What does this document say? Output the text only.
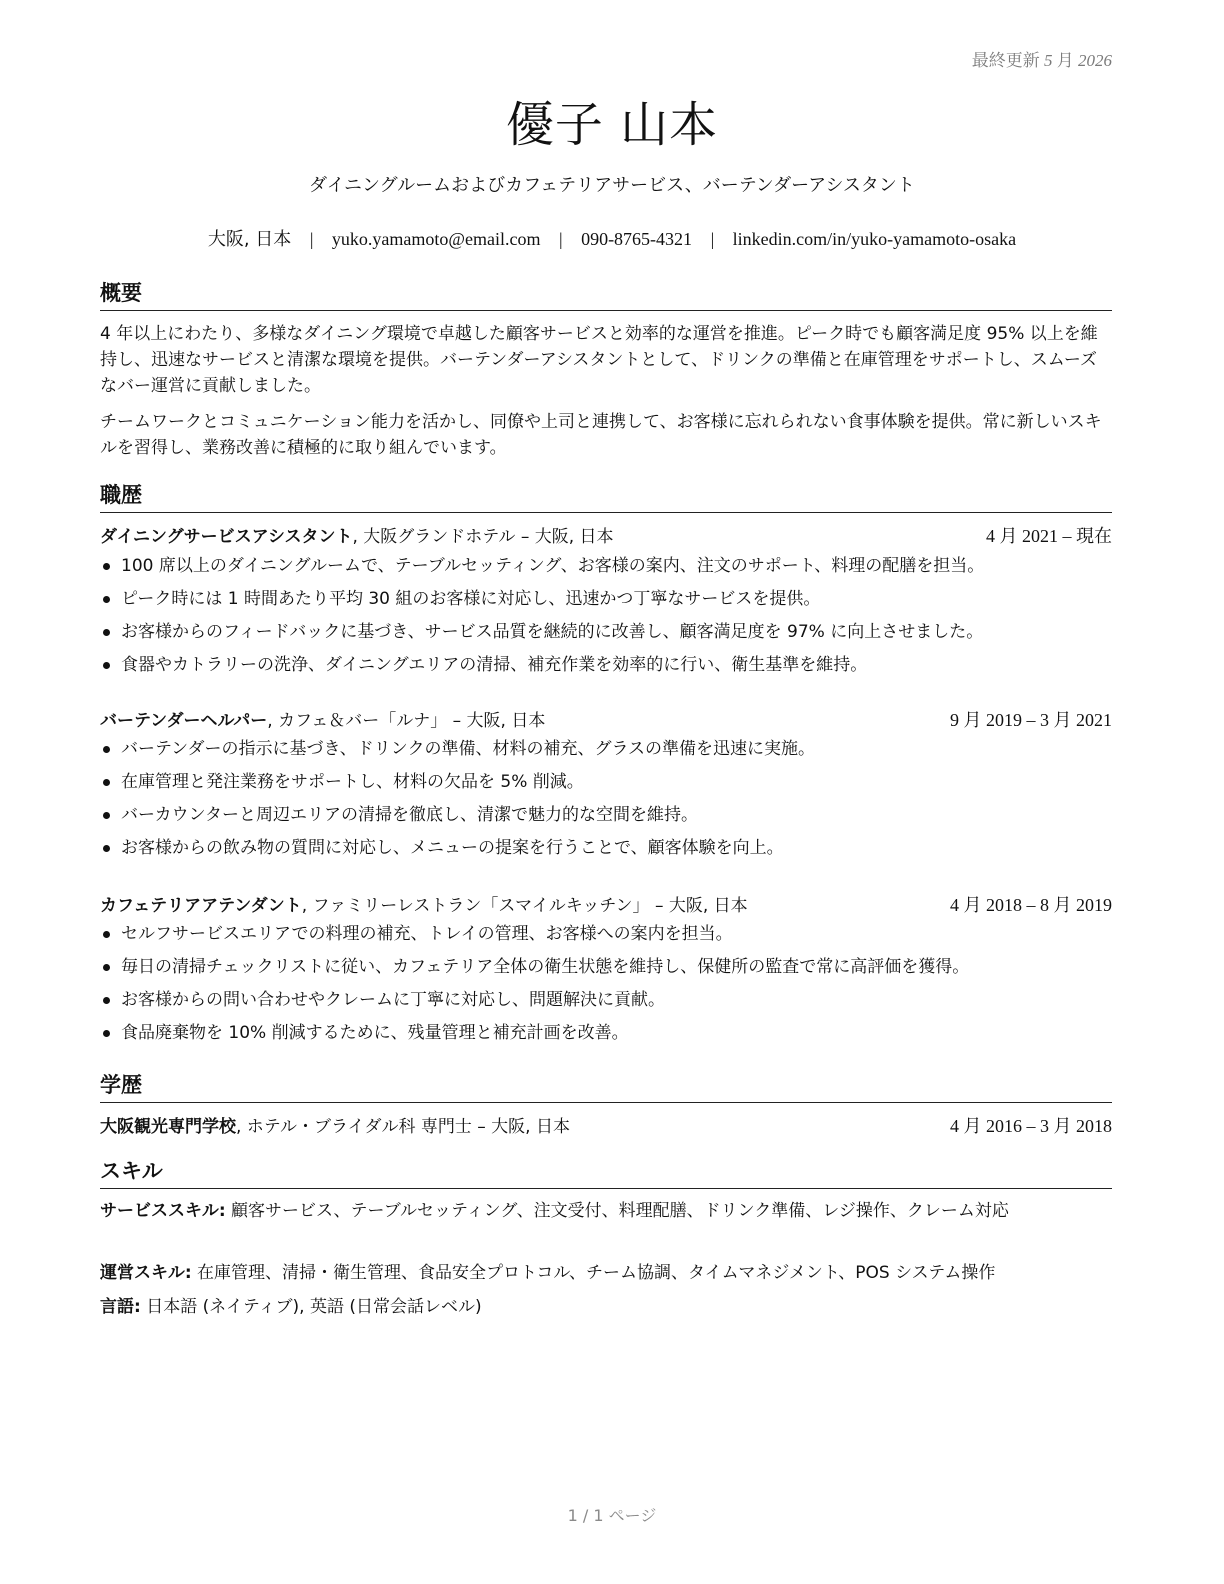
最終更新 5 月 2026
優子 山本
ダイニングルームおよびカフェテリアサービス、バーテンダーアシスタント
大阪, 日本 | yuko.yamamoto@email.com | 090-8765-4321 | linkedin.com/in/yuko-yamamoto-osaka
概要

4 年以上にわたり、多様なダイニング環境で卓越した顧客サービスと効率的な運営を推進。ピーク時でも顧客満足度 95% 以上を維持し、迅速なサービスと清潔な環境を提供。バーテンダーアシスタントとして、ドリンクの準備と在庫管理をサポートし、スムーズなバー運営に貢献しました。

チームワークとコミュニケーション能力を活かし、同僚や上司と連携して、お客様に忘れられない食事体験を提供。常に新しいスキルを習得し、業務改善に積極的に取り組んでいます。

職歴
ダイニングサービスアシスタント, 大阪グランドホテル – 大阪, 日本	4 月 2021 – 現在
100 席以上のダイニングルームで、テーブルセッティング、お客様の案内、注文のサポート、料理の配膳を担当。
ピーク時には 1 時間あたり平均 30 組のお客様に対応し、迅速かつ丁寧なサービスを提供。
お客様からのフィードバックに基づき、サービス品質を継続的に改善し、顧客満足度を 97% に向上させました。
食器やカトラリーの洗浄、ダイニングエリアの清掃、補充作業を効率的に行い、衛生基準を維持。
バーテンダーヘルパー, カフェ＆バー「ルナ」 – 大阪, 日本	9 月 2019 – 3 月 2021
バーテンダーの指示に基づき、ドリンクの準備、材料の補充、グラスの準備を迅速に実施。
在庫管理と発注業務をサポートし、材料の欠品を 5% 削減。
バーカウンターと周辺エリアの清掃を徹底し、清潔で魅力的な空間を維持。
お客様からの飲み物の質問に対応し、メニューの提案を行うことで、顧客体験を向上。
カフェテリアアテンダント, ファミリーレストラン「スマイルキッチン」 – 大阪, 日本	4 月 2018 – 8 月 2019
セルフサービスエリアでの料理の補充、トレイの管理、お客様への案内を担当。
毎日の清掃チェックリストに従い、カフェテリア全体の衛生状態を維持し、保健所の監査で常に高評価を獲得。
お客様からの問い合わせやクレームに丁寧に対応し、問題解決に貢献。
食品廃棄物を 10% 削減するために、残量管理と補充計画を改善。
学歴
大阪観光専門学校, ホテル・ブライダル科 専門士 – 大阪, 日本	4 月 2016 – 3 月 2018
スキル
サービススキル: 顧客サービス、テーブルセッティング、注文受付、料理配膳、ドリンク準備、レジ操作、クレーム対応
運営スキル: 在庫管理、清掃・衛生管理、食品安全プロトコル、チーム協調、タイムマネジメント、POS システム操作
言語: 日本語 (ネイティブ), 英語 (日常会話レベル)
1 / 1 ページ
